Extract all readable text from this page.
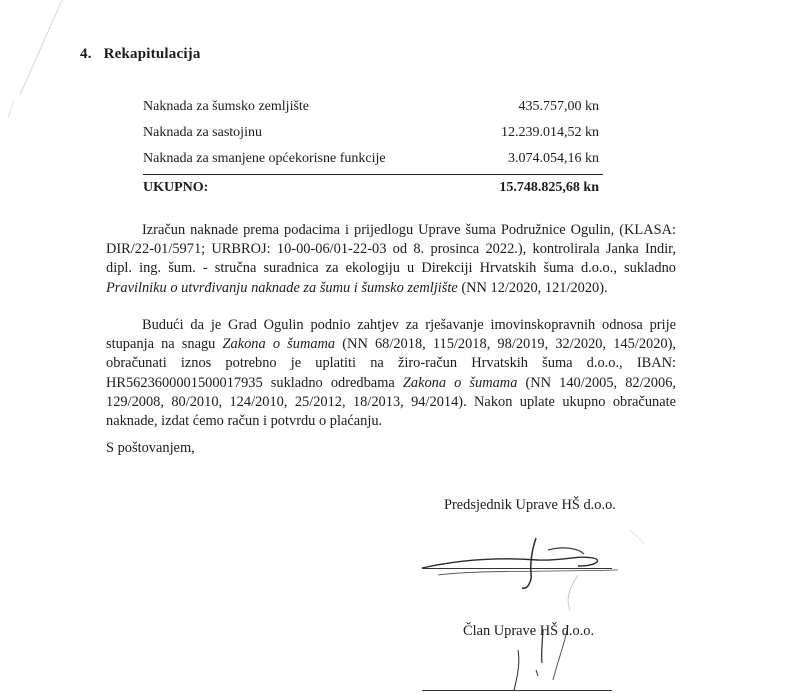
4. Rekapitulacija
Naknada za šumsko zemljište	435.757,00 kn
Naknada za sastojinu	12.239.014,52 kn
Naknada za smanjene općekorisne funkcije	3.074.054,16 kn
UKUPNO:	15.748.825,68 kn
Izračun naknade prema podacima i prijedlogu Uprave šuma Podružnice Ogulin, (KLASA: DIR/22-01/5971; URBROJ: 10-00-06/01-22-03 od 8. prosinca 2022.), kontrolirala Janka Indir, dipl. ing. šum. - stručna suradnica za ekologiju u Direkciji Hrvatskih šuma d.o.o., sukladno Pravilniku o utvrđivanju naknade za šumu i šumsko zemljište (NN 12/2020, 121/2020).
Budući da je Grad Ogulin podnio zahtjev za rješavanje imovinskopravnih odnosa prije stupanja na snagu Zakona o šumama (NN 68/2018, 115/2018, 98/2019, 32/2020, 145/2020), obračunati iznos potrebno je uplatiti na žiro-račun Hrvatskih šuma d.o.o., IBAN: HR5623600001500017935 sukladno odredbama Zakona o šumama (NN 140/2005, 82/2006, 129/2008, 80/2010, 124/2010, 25/2012, 18/2013, 94/2014). Nakon uplate ukupno obračunate naknade, izdat ćemo račun i potvrdu o plaćanju.
S poštovanjem,
Predsjednik Uprave HŠ d.o.o.
Član Uprave HŠ d.o.o.
